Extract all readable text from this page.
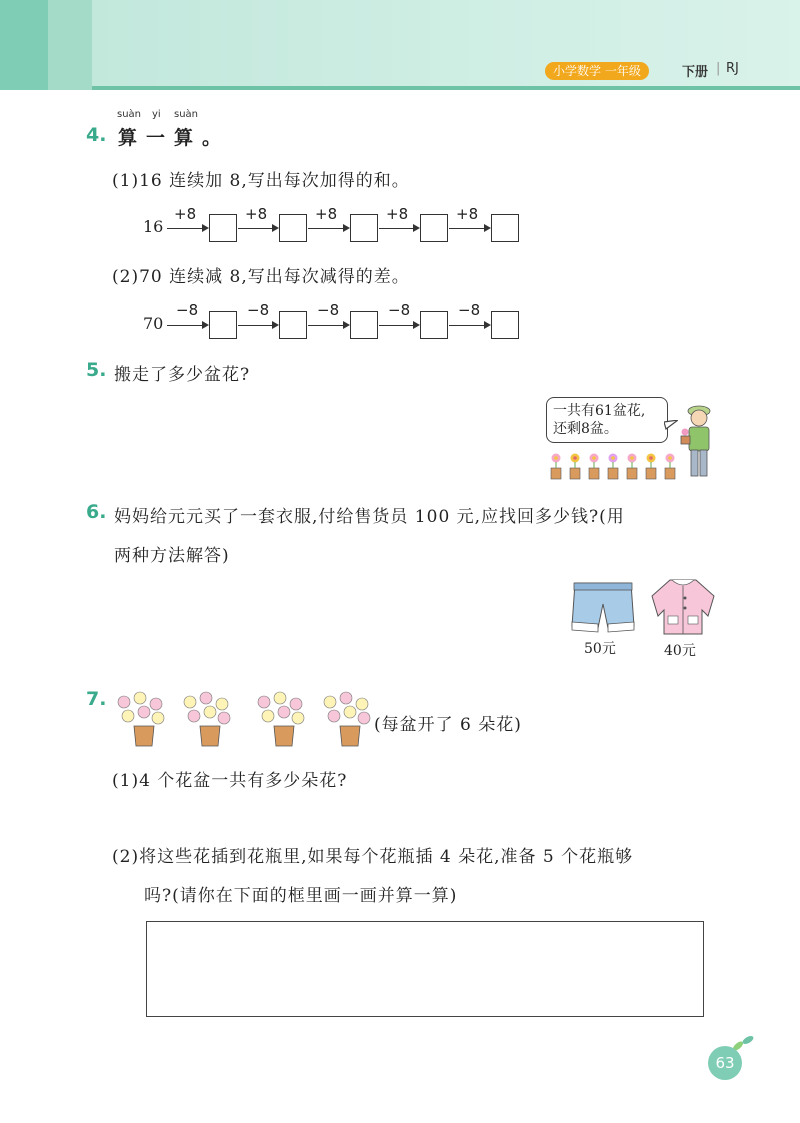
小学数学 一年级	下册 | RJ
4.
suàn yi suàn
算一算。
(1)16 连续加 8,写出每次加得的和。
16
+8	+8	+8	+8	+8
(2)70 连续减 8,写出每次减得的差。
70
−8	−8	−8	−8	−8
5. 搬走了多少盆花?
一共有61盆花,
还剩8盆。
6. 妈妈给元元买了一套衣服,付给售货员 100 元,应找回多少钱?(用
两种方法解答)
50元	40元
7.
(每盆开了 6 朵花)
(1)4 个花盆一共有多少朵花?
(2)将这些花插到花瓶里,如果每个花瓶插 4 朵花,准备 5 个花瓶够
吗?(请你在下面的框里画一画并算一算)
63
